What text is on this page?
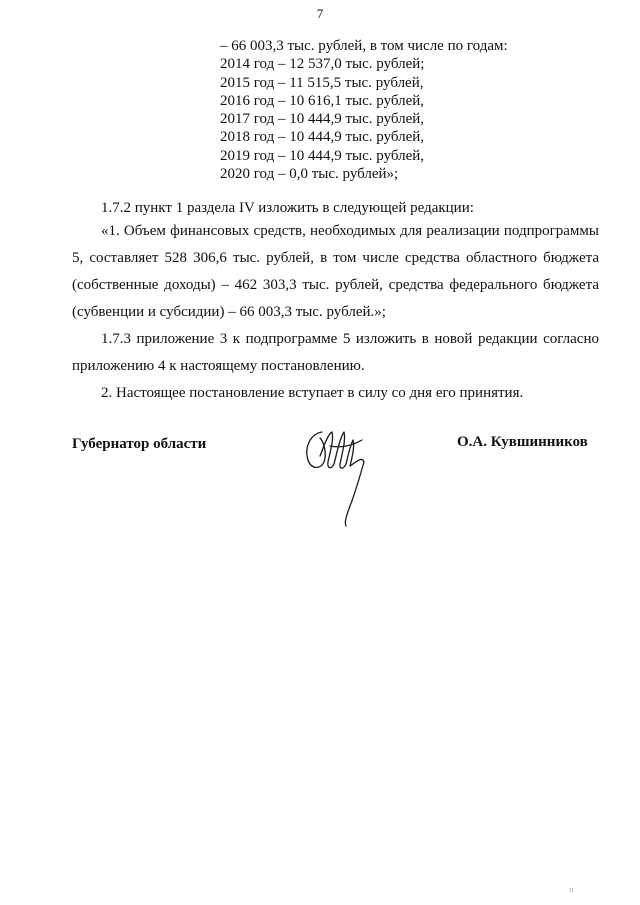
7
– 66 003,3 тыс. рублей, в том числе по годам:
2014 год – 12 537,0 тыс. рублей;
2015 год – 11 515,5 тыс. рублей,
2016 год – 10 616,1 тыс. рублей,
2017 год – 10 444,9 тыс. рублей,
2018 год – 10 444,9 тыс. рублей,
2019 год – 10 444,9 тыс. рублей,
2020 год – 0,0 тыс. рублей»;

1.7.2 пункт 1 раздела IV изложить в следующей редакции:

«1. Объем финансовых средств, необходимых для реализации подпрограммы 5, составляет 528 306,6 тыс. рублей, в том числе средства областного бюджета (собственные доходы) – 462 303,3 тыс. рублей, средства федерального бюджета (субвенции и субсидии) – 66 003,3 тыс. рублей.»;

1.7.3 приложение 3 к подпрограмме 5 изложить в новой редакции согласно приложению 4 к настоящему постановлению.

2. Настоящее постановление вступает в силу со дня его принятия.

Губернатор области	О.А. Кувшинников
ıı
